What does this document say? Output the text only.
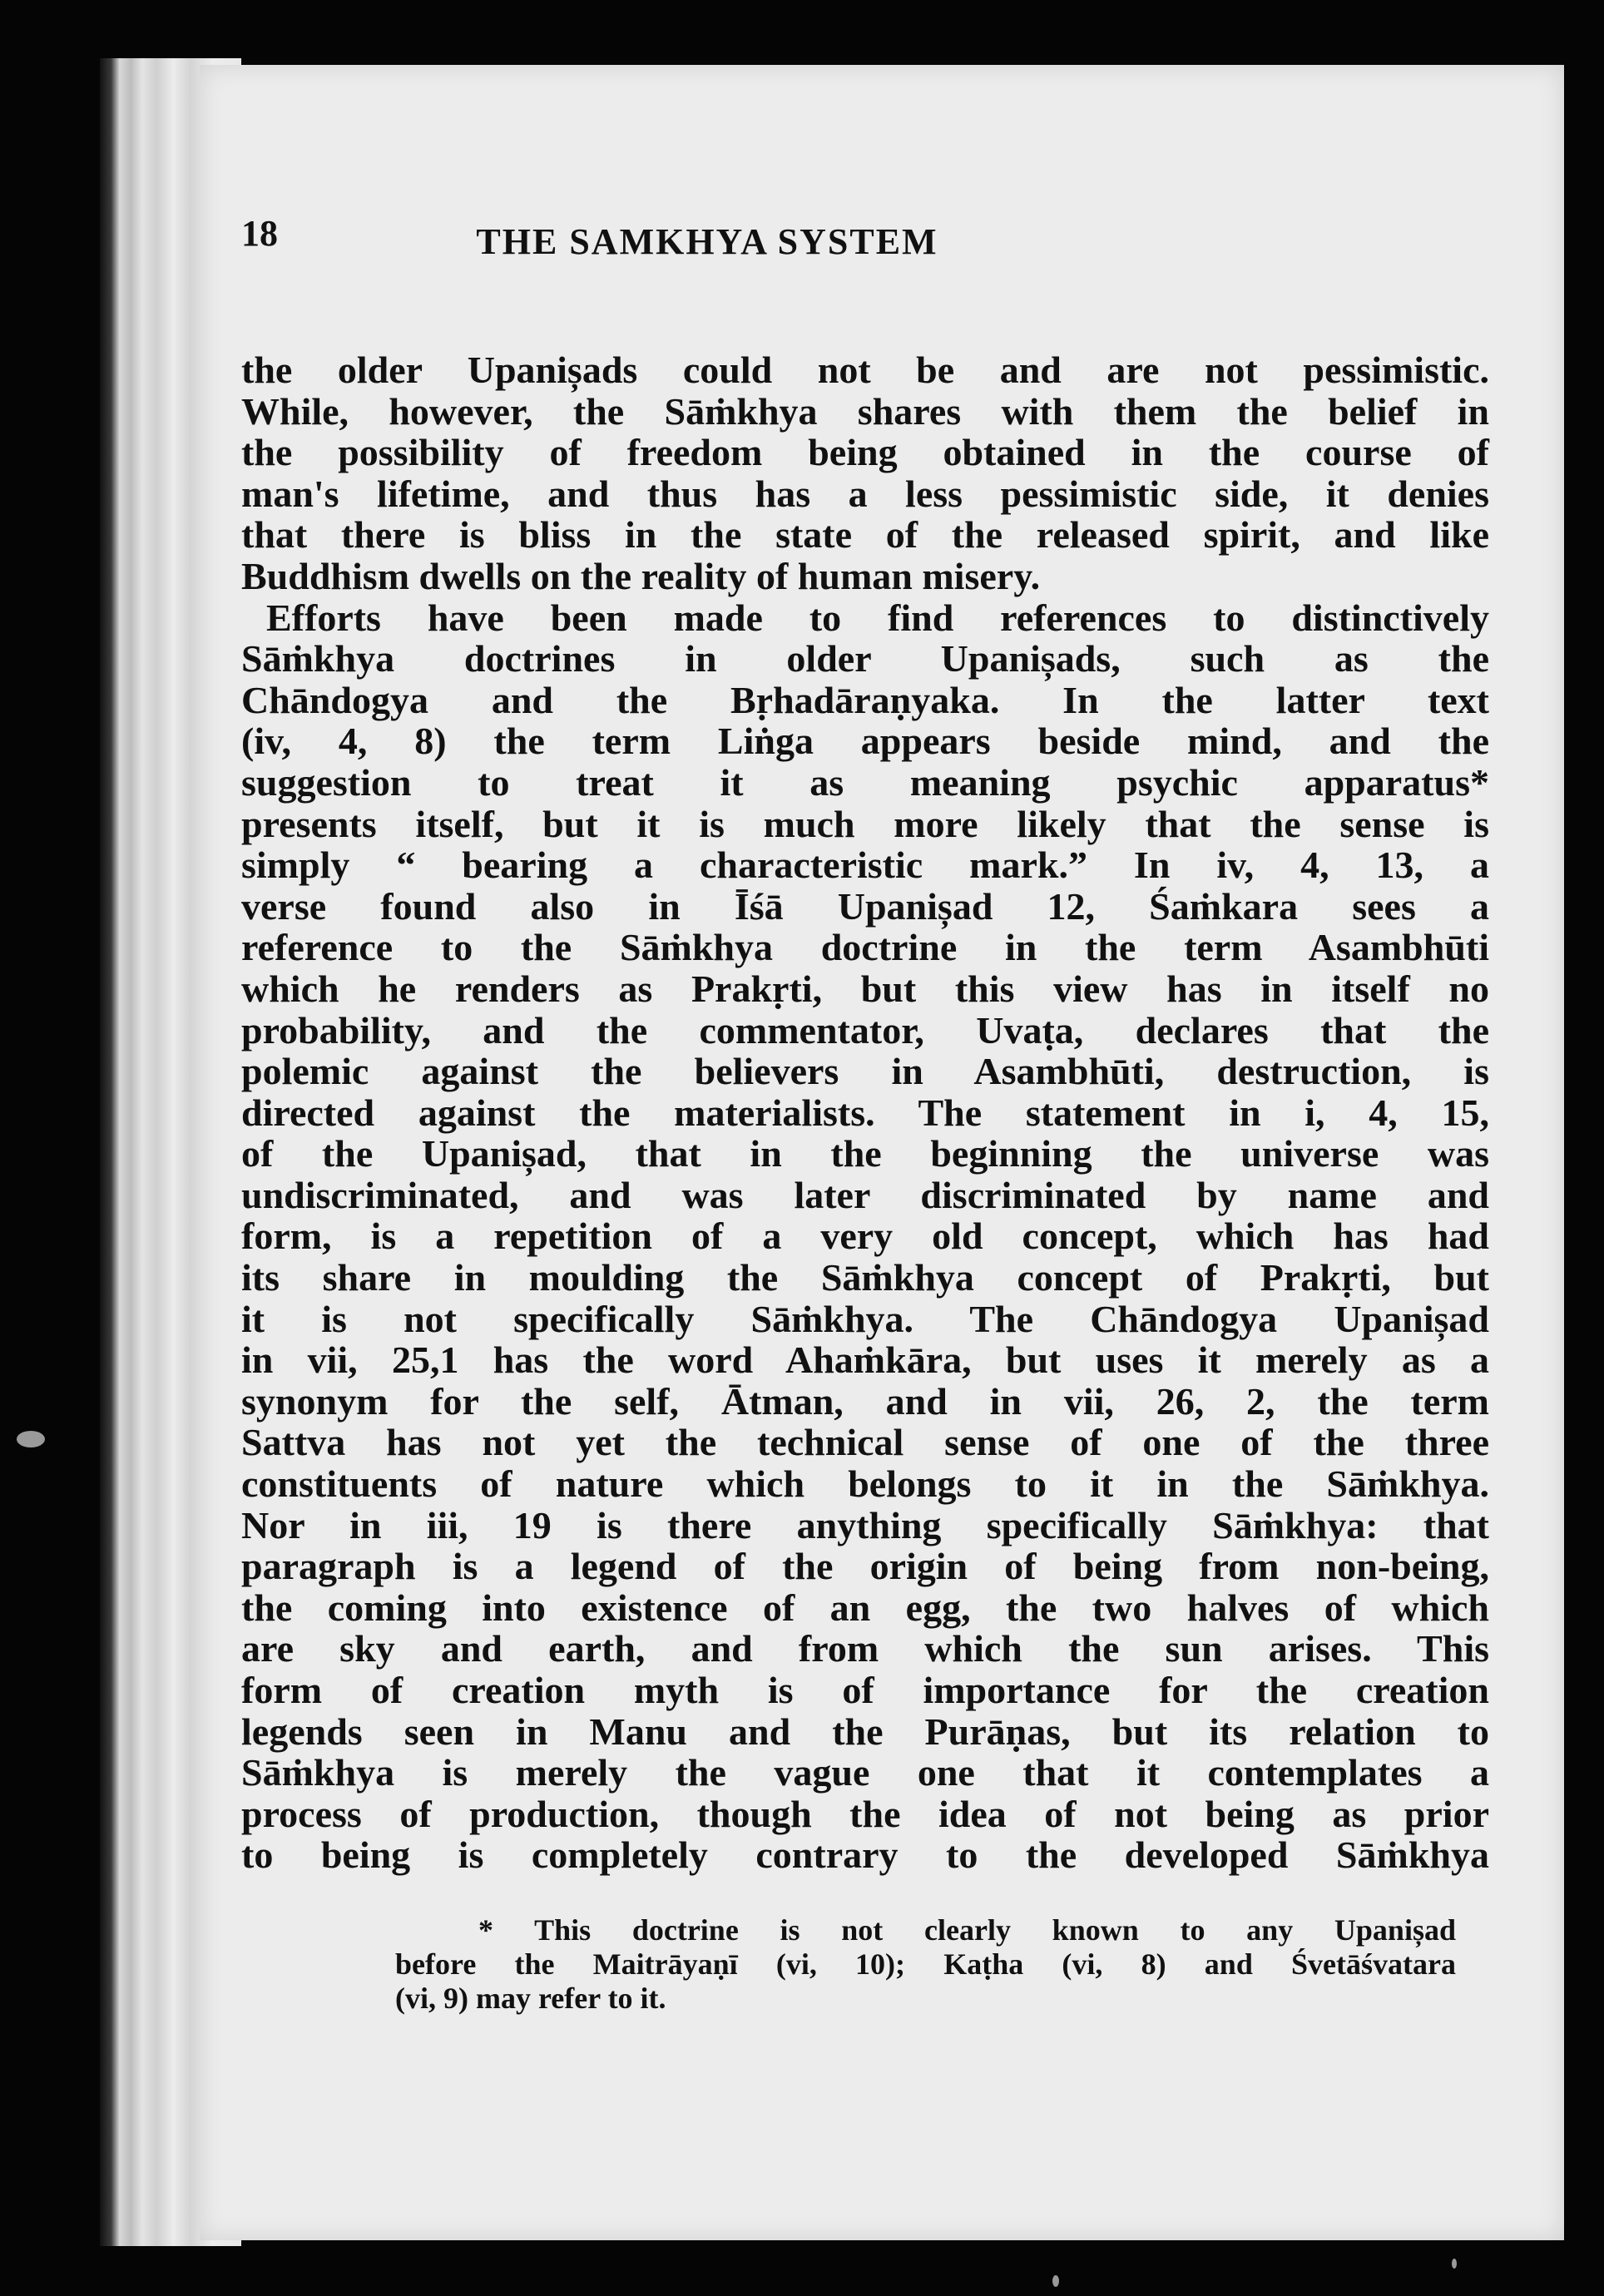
18	THE SAMKHYA SYSTEM
the older Upanișads could not be and are not pessimistic.
While, however, the Sāṁkhya shares with them the belief in
the possibility of freedom being obtained in the course of
man's lifetime, and thus has a less pessimistic side, it denies
that there is bliss in the state of the released spirit, and like
Buddhism dwells on the reality of human misery.
Efforts have been made to find references to distinctively
Sāṁkhya doctrines in older Upanișads, such as the
Chāndogya and the Bṛhadāraṇyaka. In the latter text
(iv, 4, 8) the term Liṅga appears beside mind, and the
suggestion to treat it as meaning psychic apparatus*
presents itself, but it is much more likely that the sense is
simply “ bearing a characteristic mark.” In iv, 4, 13, a
verse found also in Īśā Upanișad 12, Śaṁkara sees a
reference to the Sāṁkhya doctrine in the term Asambhūti
which he renders as Prakṛti, but this view has in itself no
probability, and the commentator, Uvaṭa, declares that the
polemic against the believers in Asambhūti, destruction, is
directed against the materialists. The statement in i, 4, 15,
of the Upanișad, that in the beginning the universe was
undiscriminated, and was later discriminated by name and
form, is a repetition of a very old concept, which has had
its share in moulding the Sāṁkhya concept of Prakṛti, but
it is not specifically Sāṁkhya. The Chāndogya Upanișad
in vii, 25,1 has the word Ahaṁkāra, but uses it merely as a
synonym for the self, Ātman, and in vii, 26, 2, the term
Sattva has not yet the technical sense of one of the three
constituents of nature which belongs to it in the Sāṁkhya.
Nor in iii, 19 is there anything specifically Sāṁkhya: that
paragraph is a legend of the origin of being from non-being,
the coming into existence of an egg, the two halves of which
are sky and earth, and from which the sun arises. This
form of creation myth is of importance for the creation
legends seen in Manu and the Purāṇas, but its relation to
Sāṁkhya is merely the vague one that it contemplates a
process of production, though the idea of not being as prior
to being is completely contrary to the developed Sāṁkhya
* This doctrine is not clearly known to any Upanișad
before the Maitrāyaṇī (vi, 10); Kaṭha (vi, 8) and Śvetāśvatara
(vi, 9) may refer to it.
